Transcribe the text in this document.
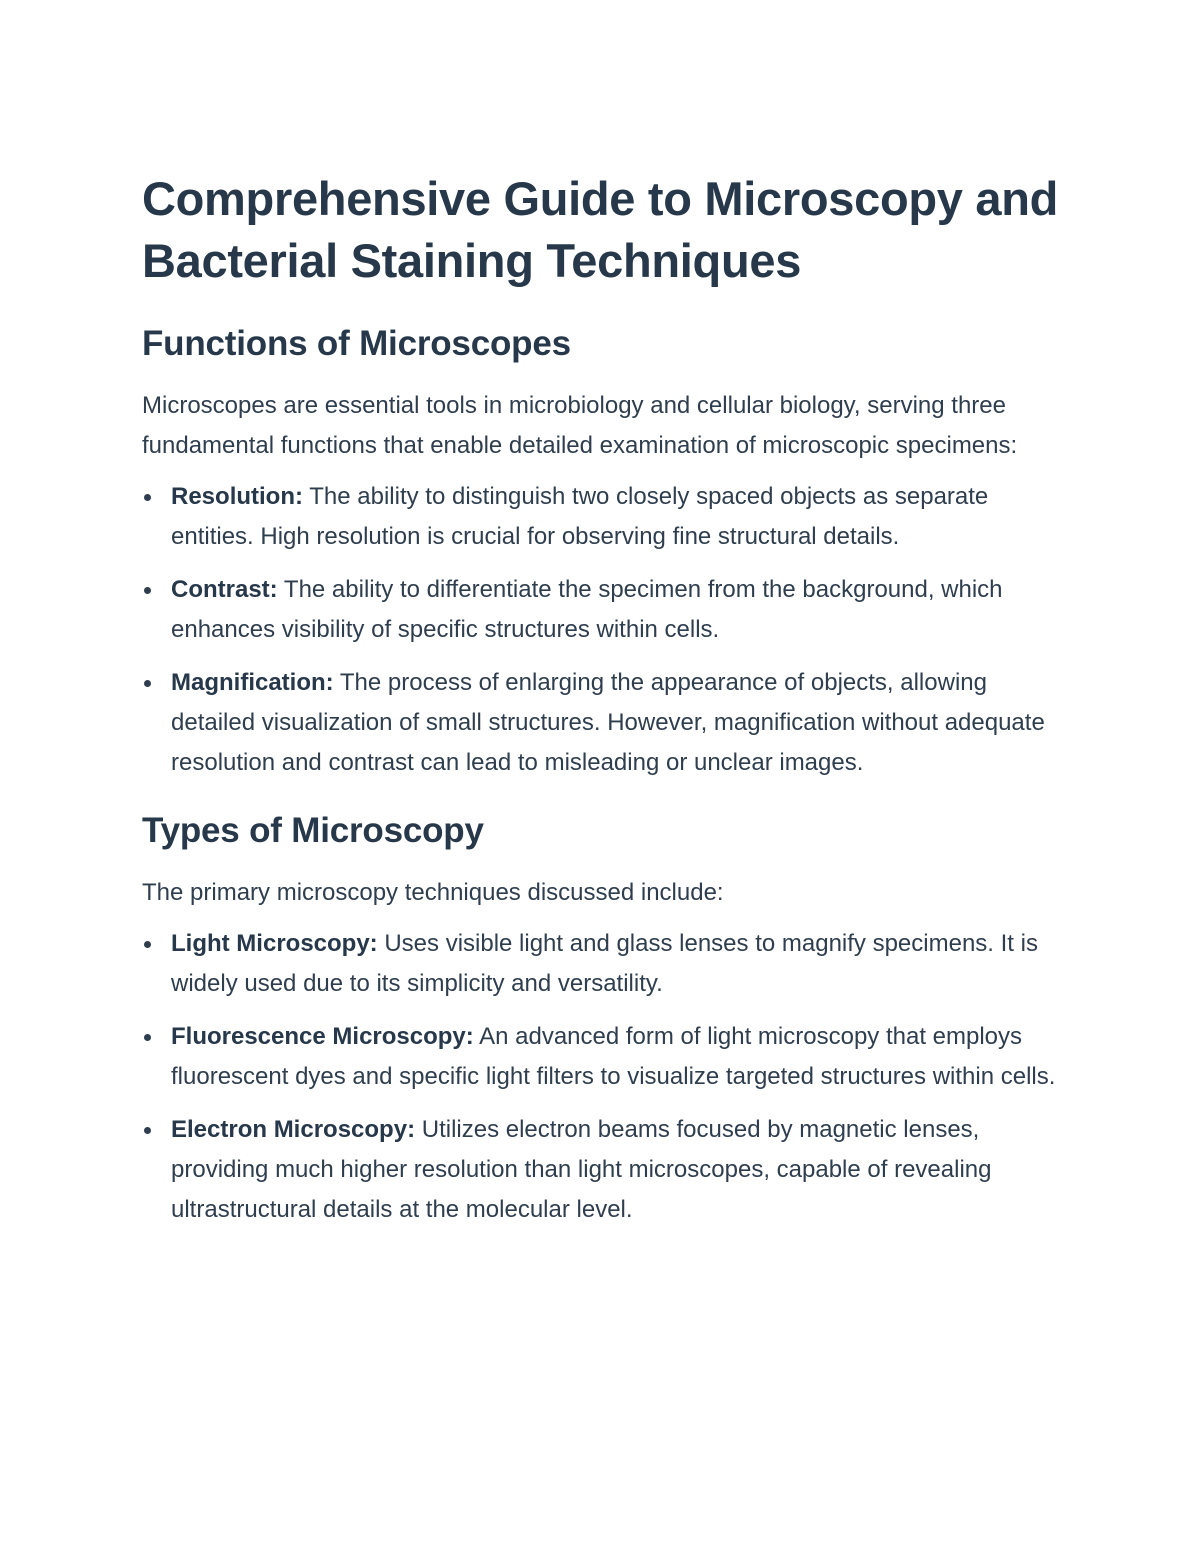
Comprehensive Guide to Microscopy and Bacterial Staining Techniques
Functions of Microscopes

Microscopes are essential tools in microbiology and cellular biology, serving three fundamental functions that enable detailed examination of microscopic specimens:

Resolution: The ability to distinguish two closely spaced objects as separate entities. High resolution is crucial for observing fine structural details.
Contrast: The ability to differentiate the specimen from the background, which enhances visibility of specific structures within cells.
Magnification: The process of enlarging the appearance of objects, allowing detailed visualization of small structures. However, magnification without adequate resolution and contrast can lead to misleading or unclear images.
Types of Microscopy

The primary microscopy techniques discussed include:

Light Microscopy: Uses visible light and glass lenses to magnify specimens. It is widely used due to its simplicity and versatility.
Fluorescence Microscopy: An advanced form of light microscopy that employs fluorescent dyes and specific light filters to visualize targeted structures within cells.
Electron Microscopy: Utilizes electron beams focused by magnetic lenses, providing much higher resolution than light microscopes, capable of revealing ultrastructural details at the molecular level.
